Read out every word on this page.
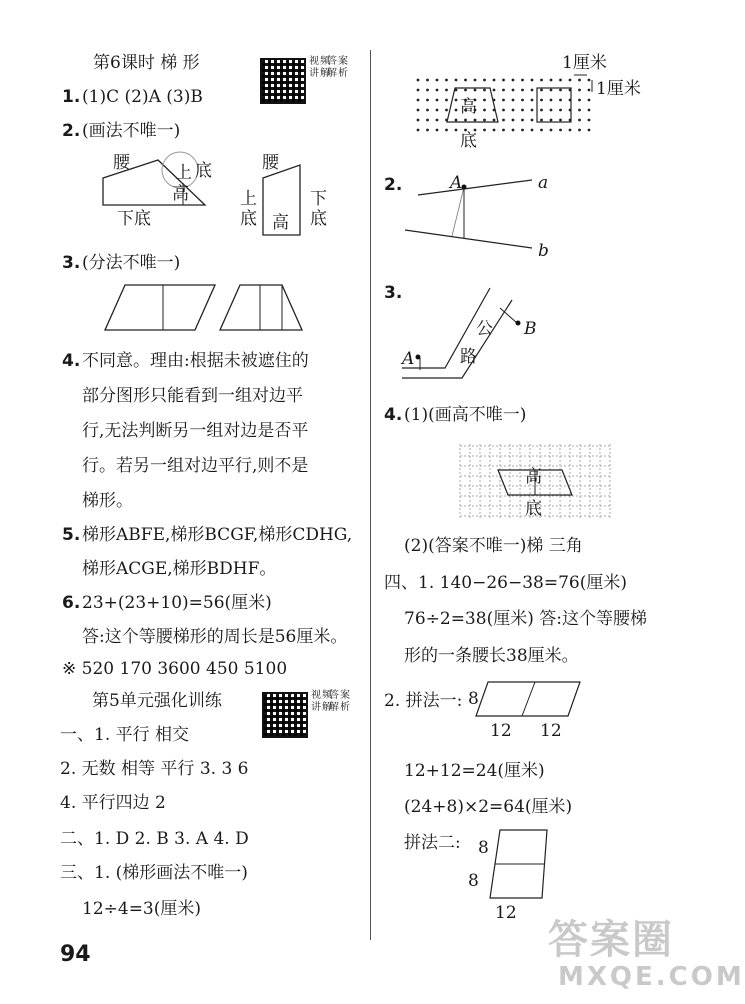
第6课时 梯 形	视频讲解
答案解析
1. (1)C (2)A (3)B
2. (画法不唯一)
腰	上 底
高
下底
腰
上
底 高
下
底
3. (分法不唯一)
4. 不同意。理由:根据未被遮住的
部分图形只能看到一组对边平
行,无法判断另一组对边是否平
行。若另一组对边平行,则不是
梯形。
5. 梯形ABFE,梯形BCGF,梯形CDHG,
梯形ACGE,梯形BDHF。
6. 23+(23+10)=56(厘米)
答:这个等腰梯形的周长是56厘米。
※ 520 170 3600 450 5100
第5单元强化训练	视频讲解
答案解析
一、1. 平行 相交
2. 无数 相等 平行 3. 3 6
4. 平行四边 2
二、1. D 2. B 3. A 4. D
三、1. (梯形画法不唯一)
12÷4=3(厘米)
94
1厘米
1厘米
高
底
2.	A	a
b
3.
A
B
公
路
4. (1)(画高不唯一)
高
底
(2)(答案不唯一)梯 三角
四、1. 140−26−38=76(厘米)
76÷2=38(厘米) 答:这个等腰梯
形的一条腰长38厘米。
2. 拼法一: 8
12 12
12+12=24(厘米)
(24+8)×2=64(厘米)
拼法二: 8
8
12
答案圈
MXQE.COM
